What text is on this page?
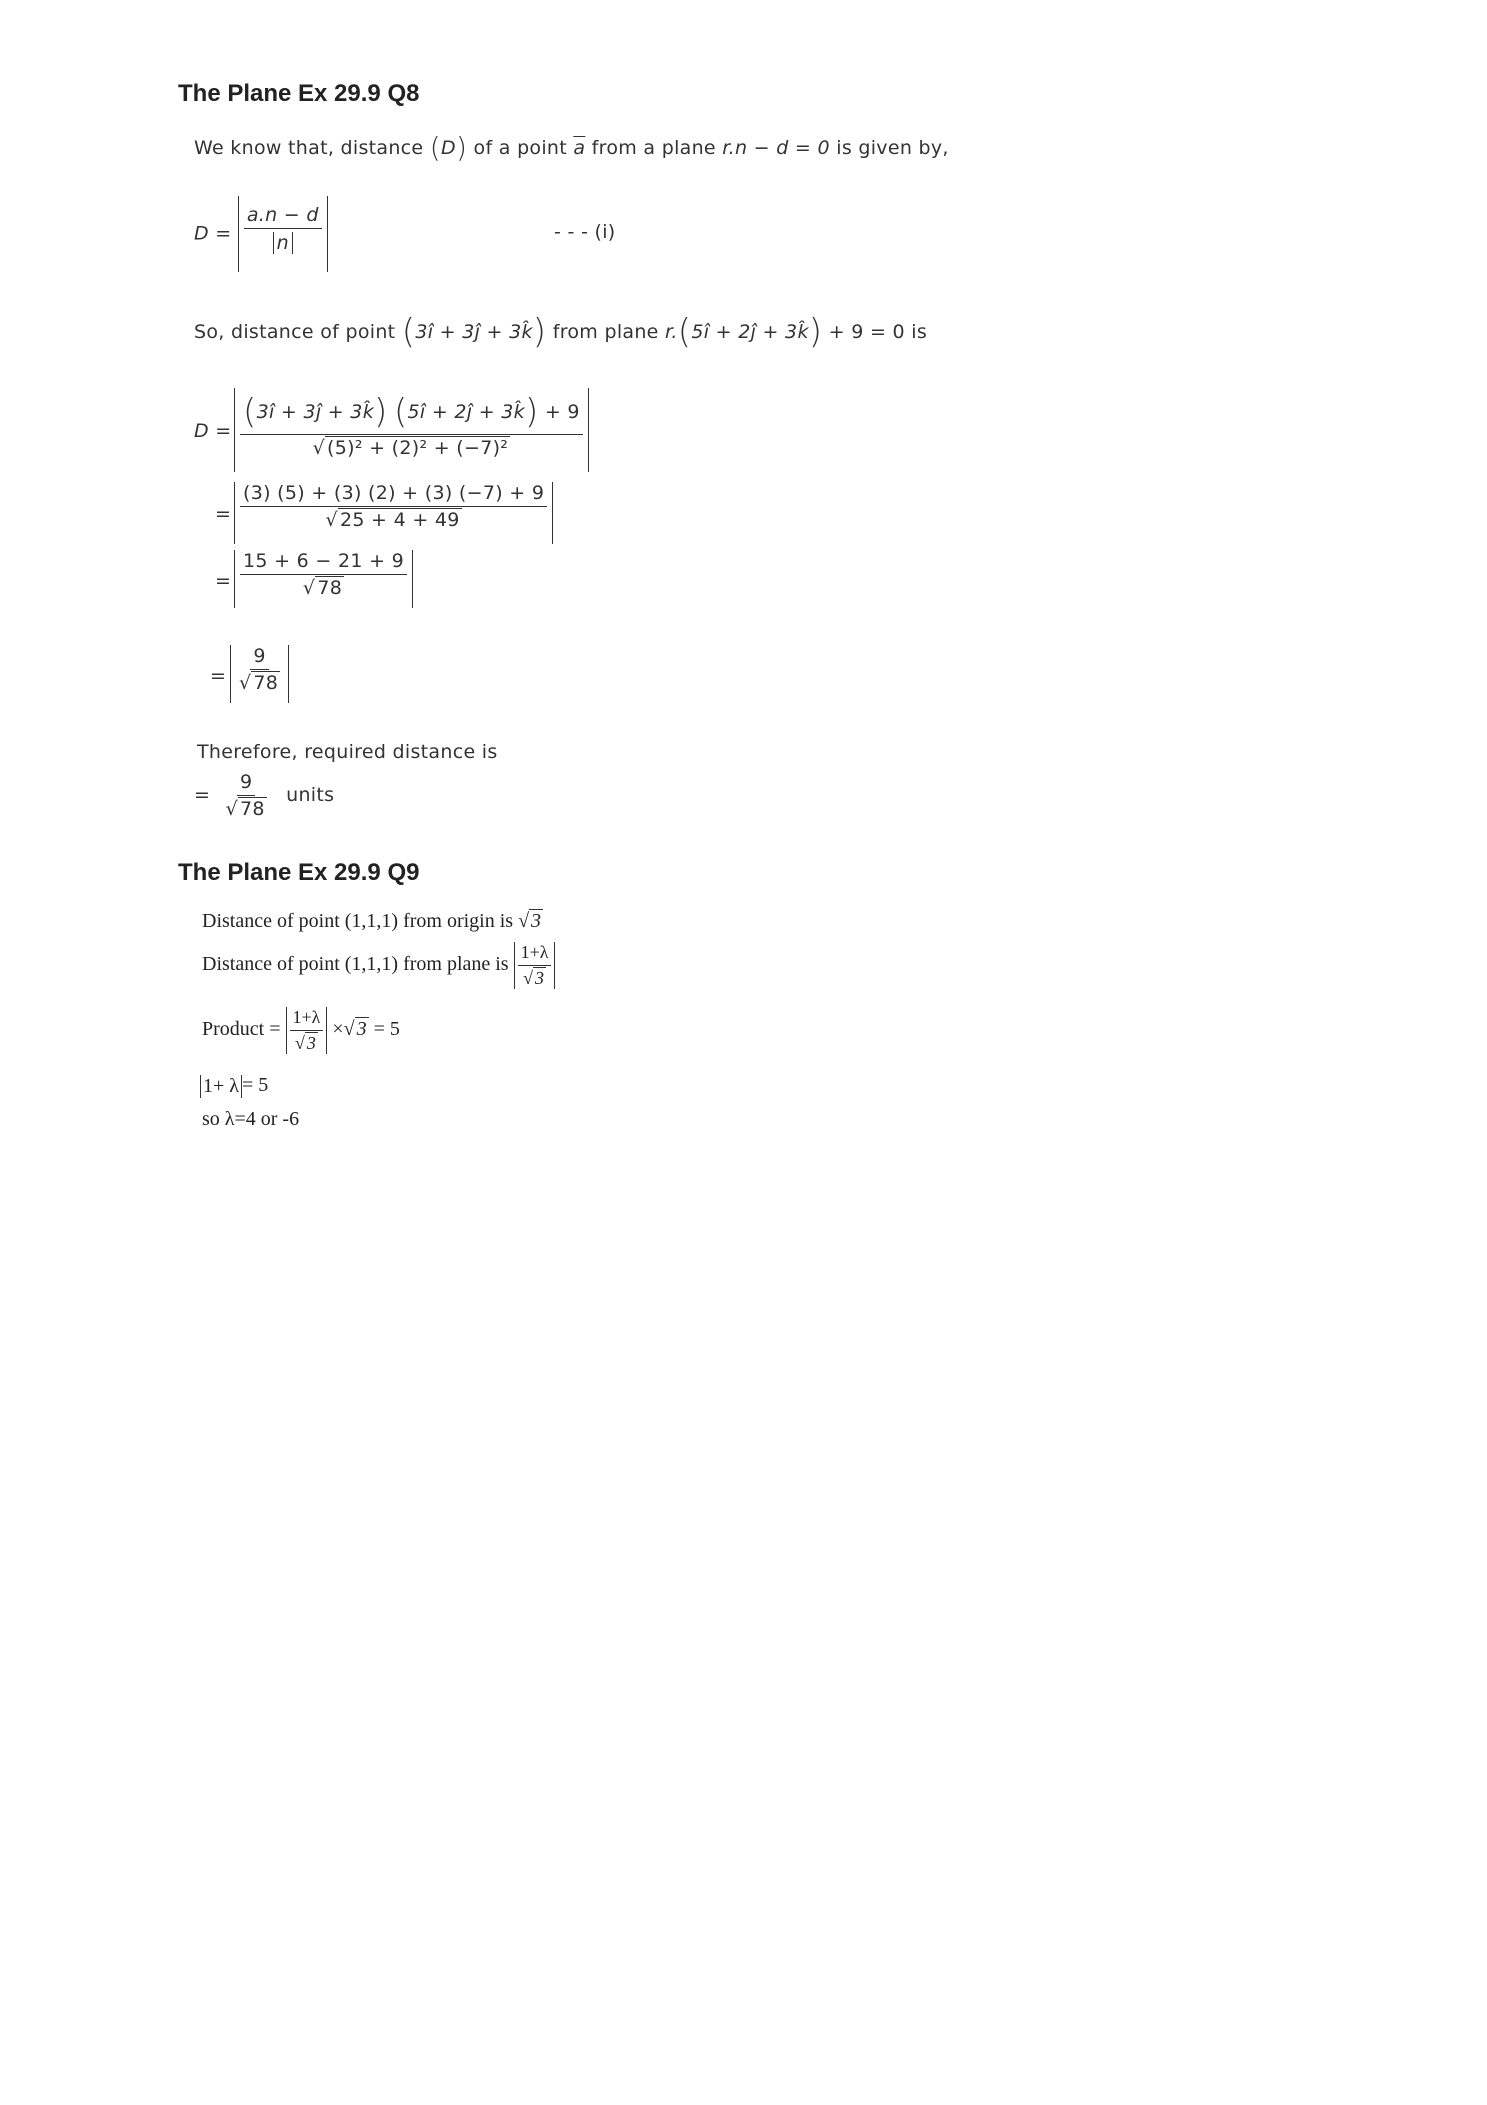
The Plane Ex 29.9 Q8
We know that, distance (D) of a point $\overline{a}$ from a plane r.n − d = 0 is given by,
$D = \frac{a.n - d}{n}$	- - - (i)
So, distance of point (3î + 3ĵ + 3k̂) from plane r.(5î + 2ĵ + 3k̂) + 9 = 0 is
$D = \frac{(3î + 3ĵ + 3k̂) (5î + 2ĵ + 3k̂) + 9}{\text{√ (5)² + (2)² + (−7)²}}$
= $\frac{(3) (5) + (3) (2) + (3) (-7) + 9}{√ 25 + 4 + 49}$
= $\frac{15 + 6 - 21 + 9}{√ 78}$
= $\frac{9}{√ 78}$
Therefore, required distance is
= $\frac{9}{√ 78}$ units
The Plane Ex 29.9 Q9
Distance of point (1,1,1) from origin is √ 3
Distance of point (1,1,1) from plane is $\frac{1+\lambda}{√ 3}$
Product = $\frac{1+\lambda}{√ 3}$ ×√ 3 = 5
1+ λ = 5
so λ=4 or -6
